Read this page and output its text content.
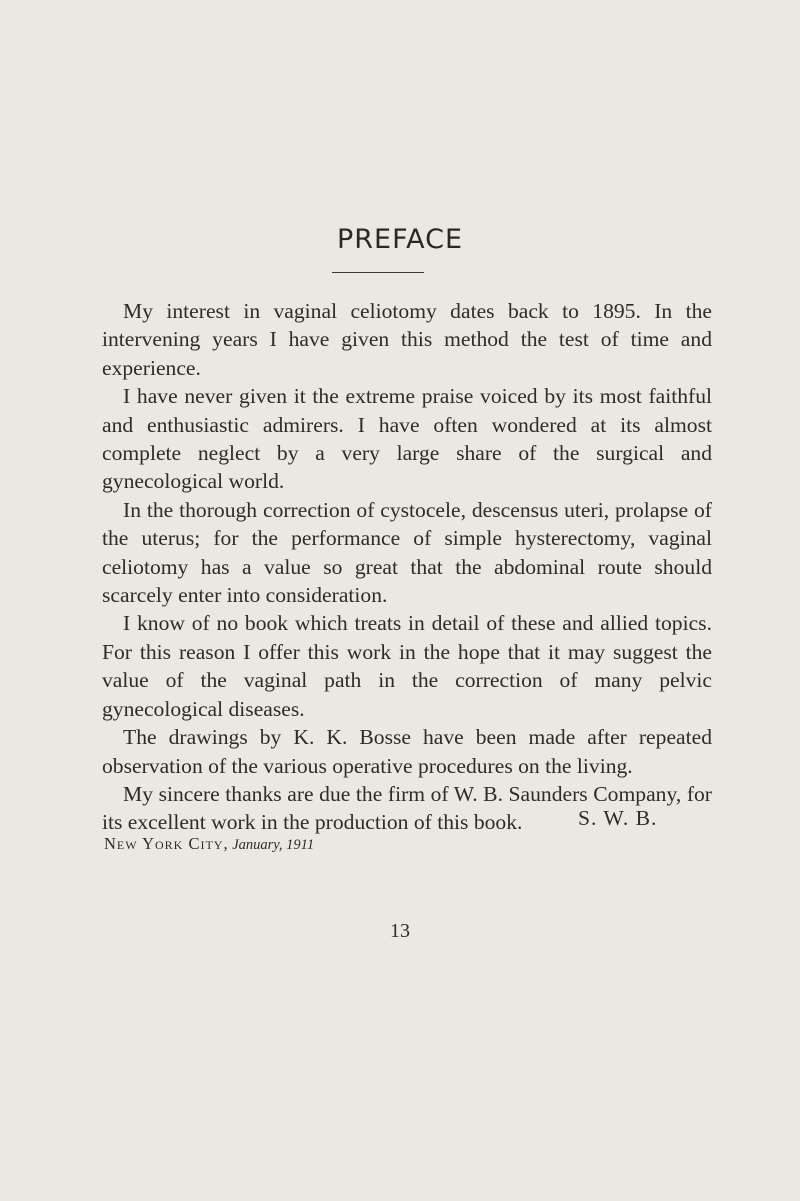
PREFACE

My interest in vaginal celiotomy dates back to 1895. In the intervening years I have given this method the test of time and experience.

I have never given it the extreme praise voiced by its most faithful and enthusiastic admirers. I have often wondered at its almost complete neglect by a very large share of the surgical and gynecological world.

In the thorough correction of cystocele, descensus uteri, prolapse of the uterus; for the performance of simple hysterectomy, vaginal celiotomy has a value so great that the abdominal route should scarcely enter into consideration.

I know of no book which treats in detail of these and allied topics. For this reason I offer this work in the hope that it may suggest the value of the vaginal path in the correction of many pelvic gynecological diseases.

The drawings by K. K. Bosse have been made after repeated observation of the various operative procedures on the living.

My sincere thanks are due the firm of W. B. Saunders Company, for its excellent work in the production of this book.	S. W. B.
New York City, January, 1911
13
